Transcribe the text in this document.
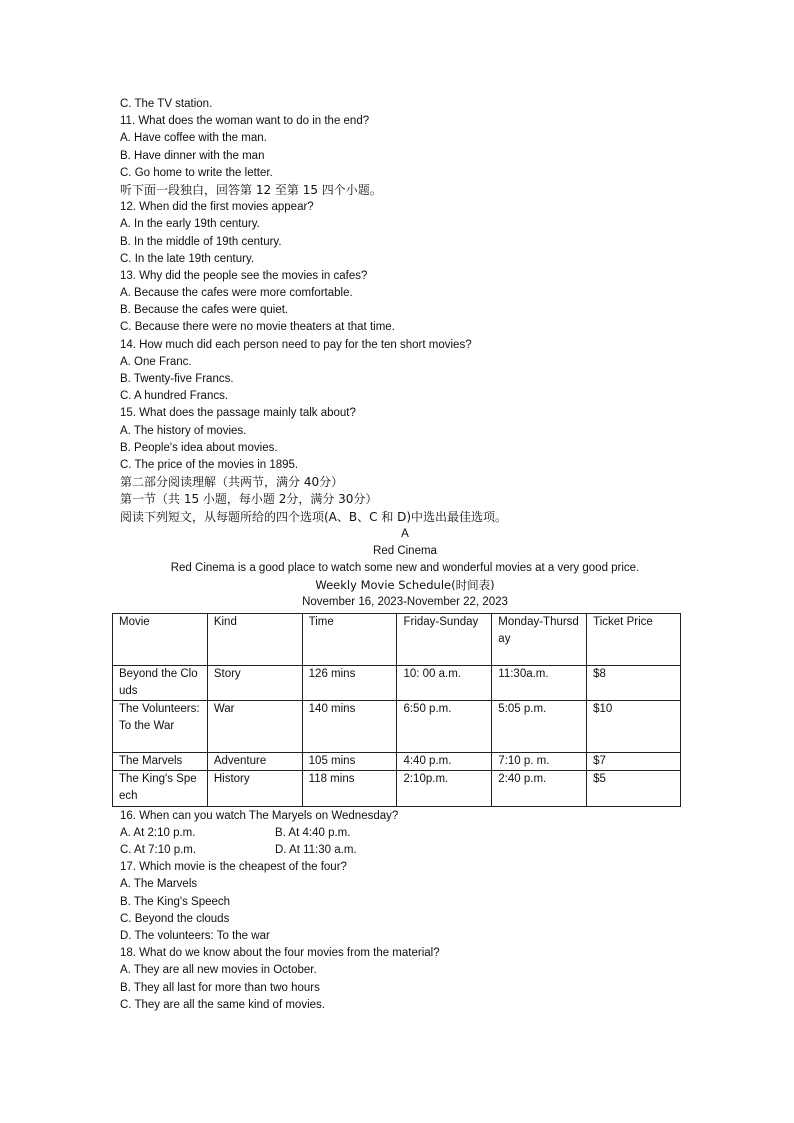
C. The TV station.
11. What does the woman want to do in the end?
A. Have coffee with the man.
B. Have dinner with the man
C. Go home to write the letter.
听下面一段独白，回答第 12 至第 15 四个小题。
12. When did the first movies appear?
A. In the early 19th century.
B. In the middle of 19th century.
C. In the late 19th century.
13. Why did the people see the movies in cafes?
A. Because the cafes were more comfortable.
B. Because the cafes were quiet.
C. Because there were no movie theaters at that time.
14. How much did each person need to pay for the ten short movies?
A. One Franc.
B. Twenty-five Francs.
C. A hundred Francs.
15. What does the passage mainly talk about?
A. The history of movies.
B. People's idea about movies.
C. The price of the movies in 1895.
第二部分阅读理解（共两节，满分 40分）
第一节（共 15 小题，每小题 2分，满分 30分）
阅读下列短文，从每题所给的四个选项(A、B、C 和 D)中选出最佳选项。
A
Red Cinema
Red Cinema is a good place to watch some new and wonderful movies at a very good price.
Weekly Movie Schedule(时间表)
November 16, 2023-November 22, 2023
Movie	Kind	Time	Friday-Sunday	Monday-Thursday	Ticket Price
Beyond the Clouds	Story	126 mins	10: 00 a.m.	11:30a.m.	$8
The Volunteers: To the War	War	140 mins	6:50 p.m.	5:05 p.m.	$10
The Marvels	Adventure	105 mins	4:40 p.m.	7:10 p. m.	$7
The King's Speech	History	118 mins	2:10p.m.	2:40 p.m.	$5
16. When can you watch The Maryels on Wednesday?
A. At 2:10 p.m.	B. At 4:40 p.m.
C. At 7:10 p.m.	D. At 11:30 a.m.
17. Which movie is the cheapest of the four?
A. The Marvels
B. The King's Speech
C. Beyond the clouds
D. The volunteers: To the war
18. What do we know about the four movies from the material?
A. They are all new movies in October.
B. They all last for more than two hours
C. They are all the same kind of movies.
